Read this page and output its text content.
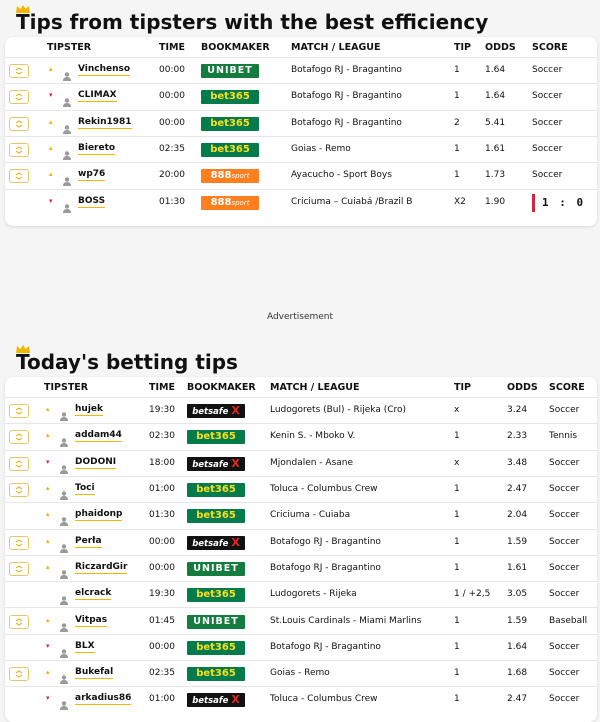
Tips from tipsters with the best efficiency
TIPSTER	TIME BOOKMAKER MATCH / LEAGUE	TIP ODDS SCORE
▴	Vinchenso	00:00	UNIBET	Botafogo RJ - Bragantino	1	1.64	Soccer
▾	CLIMAX	00:00	bet365	Botafogo RJ - Bragantino	1	1.64	Soccer
▴	Rekin1981	00:00	bet365	Botafogo RJ - Bragantino	2	5.41	Soccer
▴	Biereto	02:35	bet365	Goias - Remo	1	1.61	Soccer
▴	wp76	20:00	888sport	Ayacucho - Sport Boys	1	1.73	Soccer
▾	BOSS	01:30	888sport	Criciuma – Cuiabá /Brazil B	X2 1.90	1 : 0
Advertisement
Today's betting tips
TIPSTER	TIME BOOKMAKER MATCH / LEAGUE	TIP	ODDS SCORE
▴	hujek	19:30	betsafe X	Ludogorets (Bul) - Rijeka (Cro)	x	3.24 Soccer
▴	addam44	02:30	bet365	Kenin S. - Mboko V.	1	2.33 Tennis
▾	DODONI	18:00	betsafe X	Mjondalen - Asane	x	3.48 Soccer
▴	Toci	01:00	bet365	Toluca - Columbus Crew	1	2.47 Soccer
▴	phaidonp	01:30	bet365	Criciuma - Cuiaba	1	2.04 Soccer
▴	Perła	00:00	betsafe X	Botafogo RJ - Bragantino	1	1.59 Soccer
▴	RiczardGir 00:00	UNIBET	Botafogo RJ - Bragantino	1	1.61 Soccer
elcrack	19:30	bet365	Ludogorets - Rijeka	1 / +2,5 3.05 Soccer
▴	Vitpas	01:45	UNIBET	St.Louis Cardinals - Miami Marlins	1	1.59 Baseball
▾	BLX	00:00	bet365	Botafogo RJ - Bragantino	1	1.64 Soccer
▴	Bukefal	02:35	bet365	Goias - Remo	1	1.68 Soccer
▾	arkadius86 01:00	betsafe X	Toluca - Columbus Crew	1	2.47 Soccer
